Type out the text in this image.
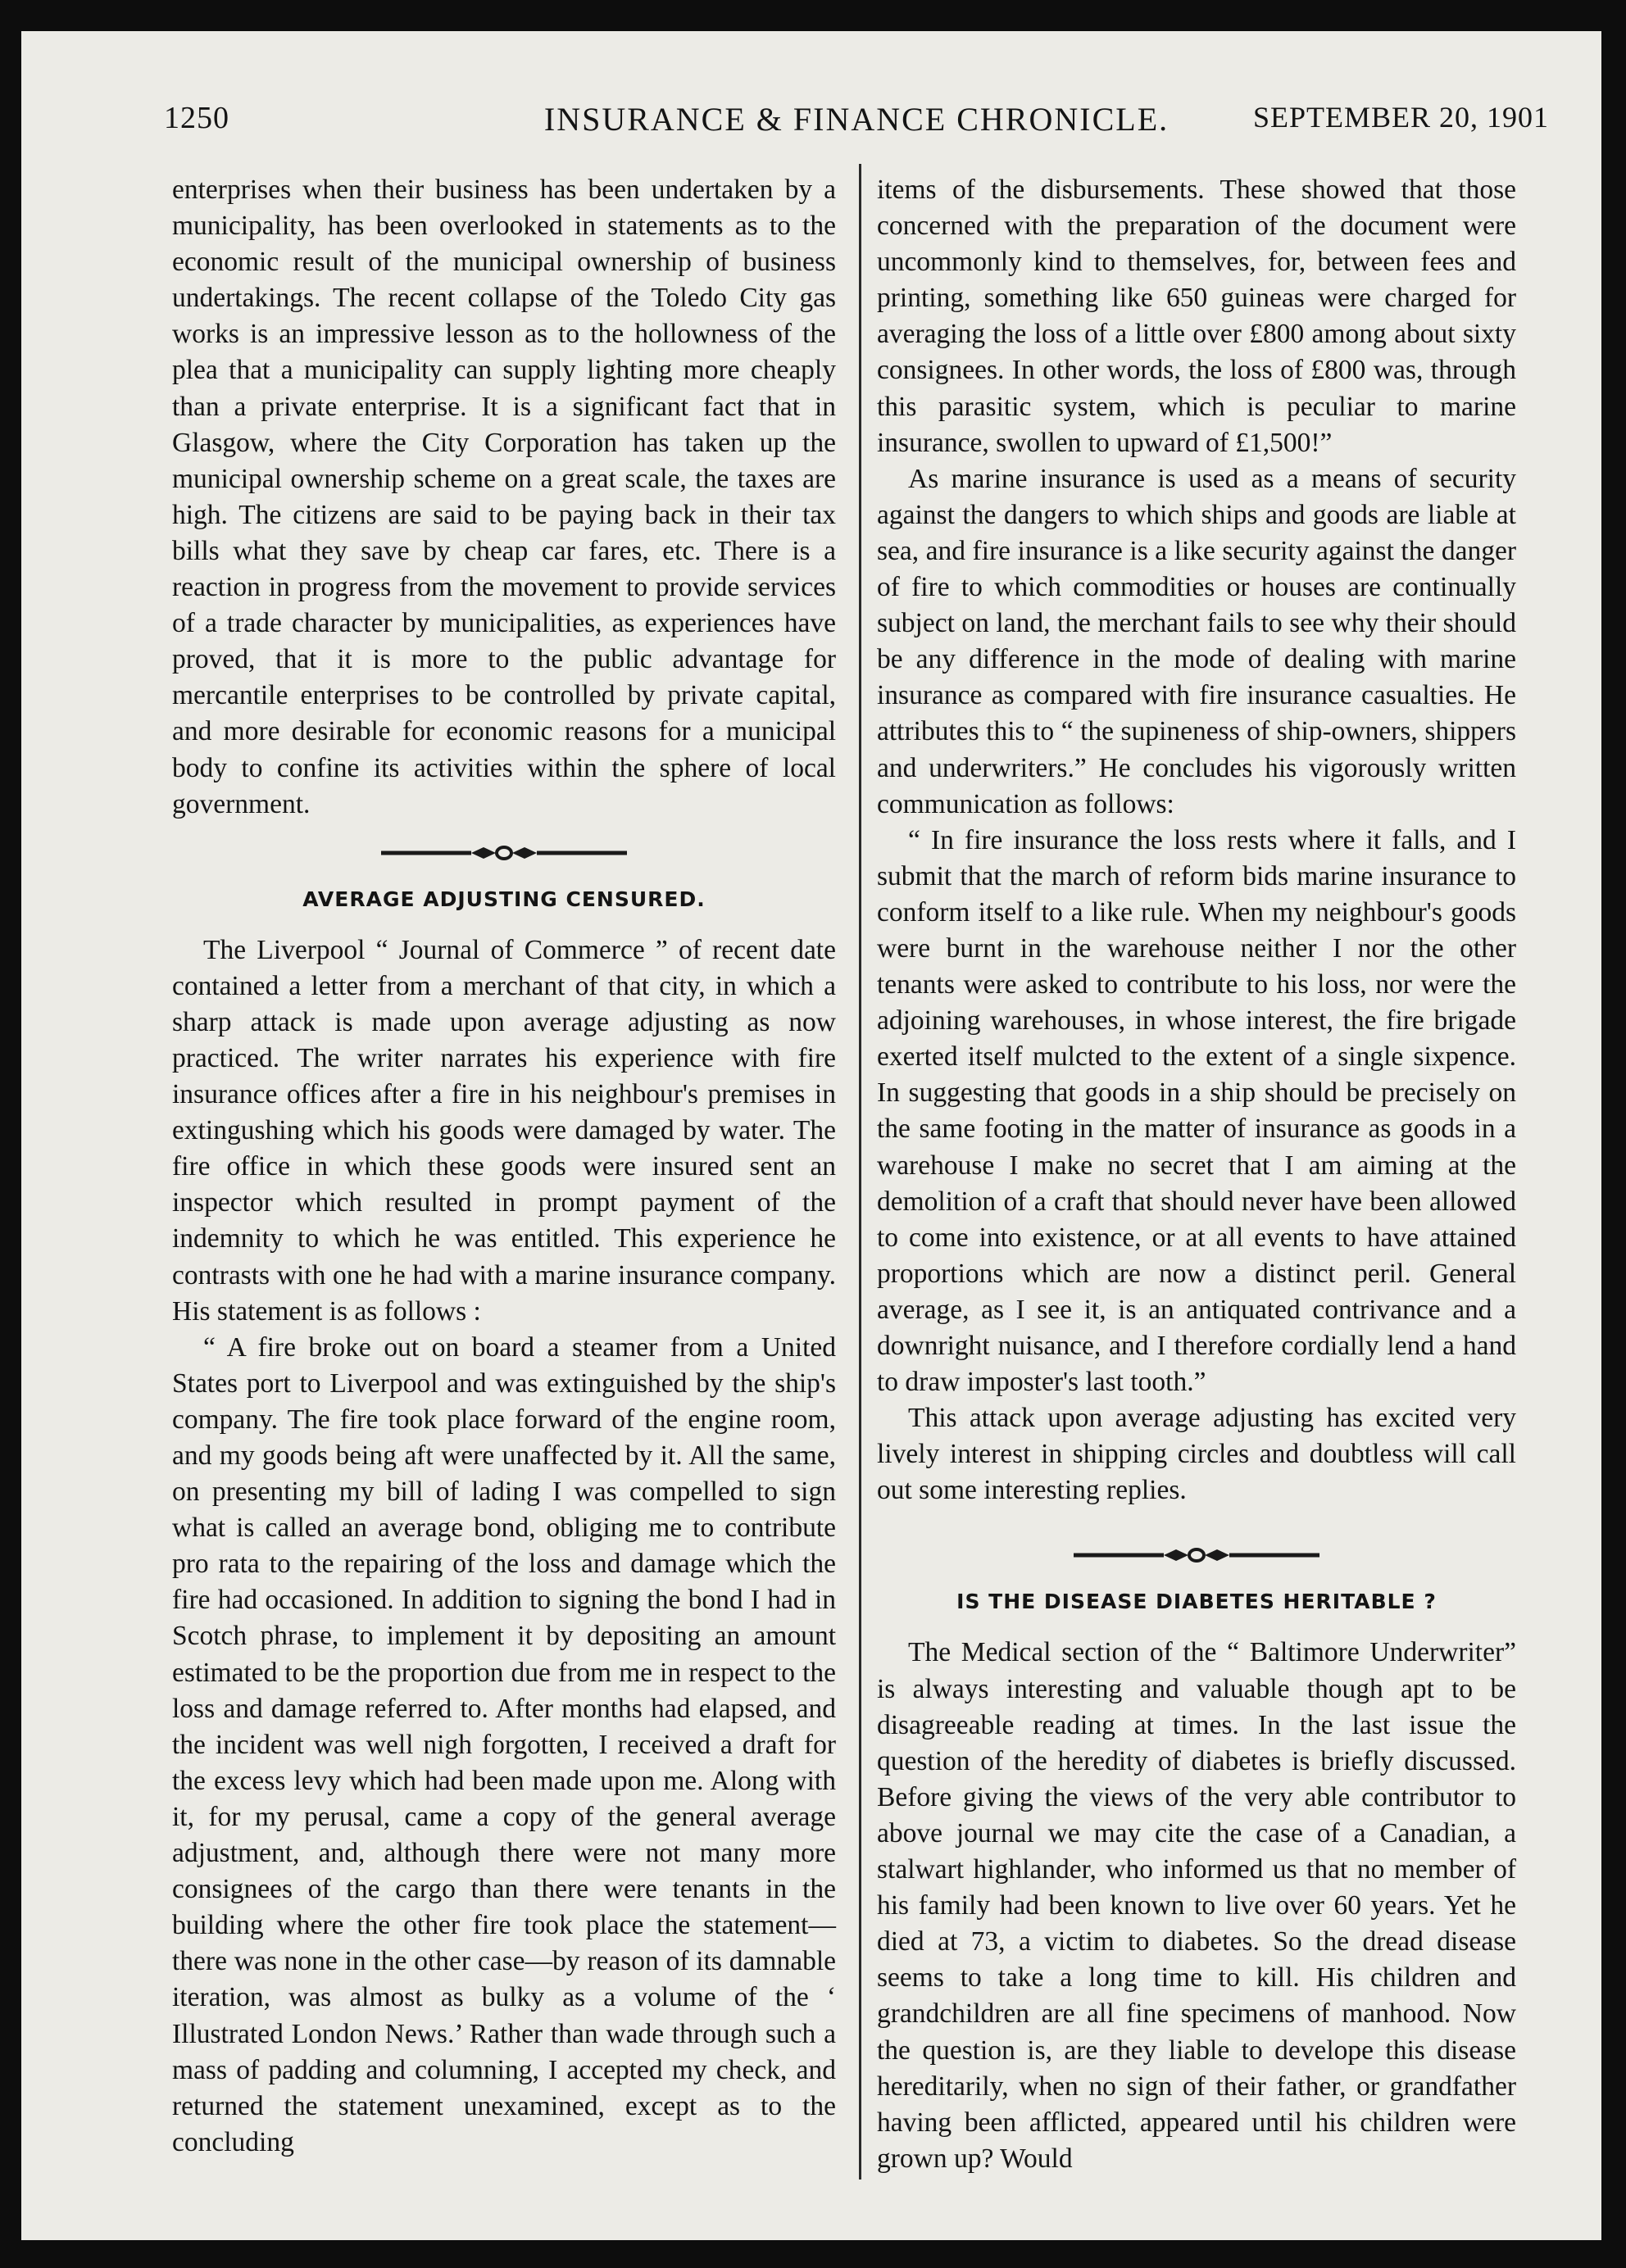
1250	INSURANCE & FINANCE CHRONICLE.	SEPTEMBER 20, 1901

enterprises when their business has been undertaken by a municipality, has been overlooked in statements as to the economic result of the municipal ownership of business undertakings. The recent collapse of the Toledo City gas works is an impressive lesson as to the hollowness of the plea that a municipality can supply lighting more cheaply than a private enterprise. It is a significant fact that in Glasgow, where the City Corporation has taken up the municipal ownership scheme on a great scale, the taxes are high. The citizens are said to be paying back in their tax bills what they save by cheap car fares, etc. There is a reaction in progress from the movement to provide services of a trade character by municipalities, as experiences have proved, that it is more to the public advantage for mercantile enterprises to be controlled by private capital, and more desirable for economic reasons for a municipal body to confine its activities within the sphere of local government.

AVERAGE ADJUSTING CENSURED.

The Liverpool “ Journal of Commerce ” of recent date contained a letter from a merchant of that city, in which a sharp attack is made upon average adjusting as now practiced. The writer narrates his experience with fire insurance offices after a fire in his neighbour's premises in extingushing which his goods were damaged by water. The fire office in which these goods were insured sent an inspector which resulted in prompt payment of the indemnity to which he was entitled. This experience he contrasts with one he had with a marine insurance company. His statement is as follows :

“ A fire broke out on board a steamer from a United States port to Liverpool and was extinguished by the ship's company. The fire took place forward of the engine room, and my goods being aft were unaffected by it. All the same, on presenting my bill of lading I was compelled to sign what is called an average bond, obliging me to contribute pro rata to the repairing of the loss and damage which the fire had occasioned. In addition to signing the bond I had in Scotch phrase, to implement it by depositing an amount estimated to be the proportion due from me in respect to the loss and damage referred to. After months had elapsed, and the incident was well nigh forgotten, I received a draft for the excess levy which had been made upon me. Along with it, for my perusal, came a copy of the general average adjustment, and, although there were not many more consignees of the cargo than there were tenants in the building where the other fire took place the statement—there was none in the other case—by reason of its damnable iteration, was almost as bulky as a volume of the ‘ Illustrated London News.’ Rather than wade through such a mass of padding and columning, I accepted my check, and returned the statement unexamined, except as to the concluding

items of the disbursements. These showed that those concerned with the preparation of the document were uncommonly kind to themselves, for, between fees and printing, something like 650 guineas were charged for averaging the loss of a little over £800 among about sixty consignees. In other words, the loss of £800 was, through this parasitic system, which is peculiar to marine insurance, swollen to upward of £1,500!”

As marine insurance is used as a means of security against the dangers to which ships and goods are liable at sea, and fire insurance is a like security against the danger of fire to which commodities or houses are continually subject on land, the merchant fails to see why their should be any difference in the mode of dealing with marine insurance as compared with fire insurance casualties. He attributes this to “ the supineness of ship-owners, shippers and underwriters.” He concludes his vigorously written communication as follows:

“ In fire insurance the loss rests where it falls, and I submit that the march of reform bids marine insurance to conform itself to a like rule. When my neighbour's goods were burnt in the warehouse neither I nor the other tenants were asked to contribute to his loss, nor were the adjoining warehouses, in whose interest, the fire brigade exerted itself mulcted to the extent of a single sixpence. In suggesting that goods in a ship should be precisely on the same footing in the matter of insurance as goods in a warehouse I make no secret that I am aiming at the demolition of a craft that should never have been allowed to come into existence, or at all events to have attained proportions which are now a distinct peril. General average, as I see it, is an antiquated contrivance and a downright nuisance, and I therefore cordially lend a hand to draw imposter's last tooth.”

This attack upon average adjusting has excited very lively interest in shipping circles and doubtless will call out some interesting replies.

IS THE DISEASE DIABETES HERITABLE ?

The Medical section of the “ Baltimore Underwriter” is always interesting and valuable though apt to be disagreeable reading at times. In the last issue the question of the heredity of diabetes is briefly discussed. Before giving the views of the very able contributor to above journal we may cite the case of a Canadian, a stalwart highlander, who informed us that no member of his family had been known to live over 60 years. Yet he died at 73, a victim to diabetes. So the dread disease seems to take a long time to kill. His children and grandchildren are all fine specimens of manhood. Now the question is, are they liable to develope this disease hereditarily, when no sign of their father, or grandfather having been afflicted, appeared until his children were grown up? Would
